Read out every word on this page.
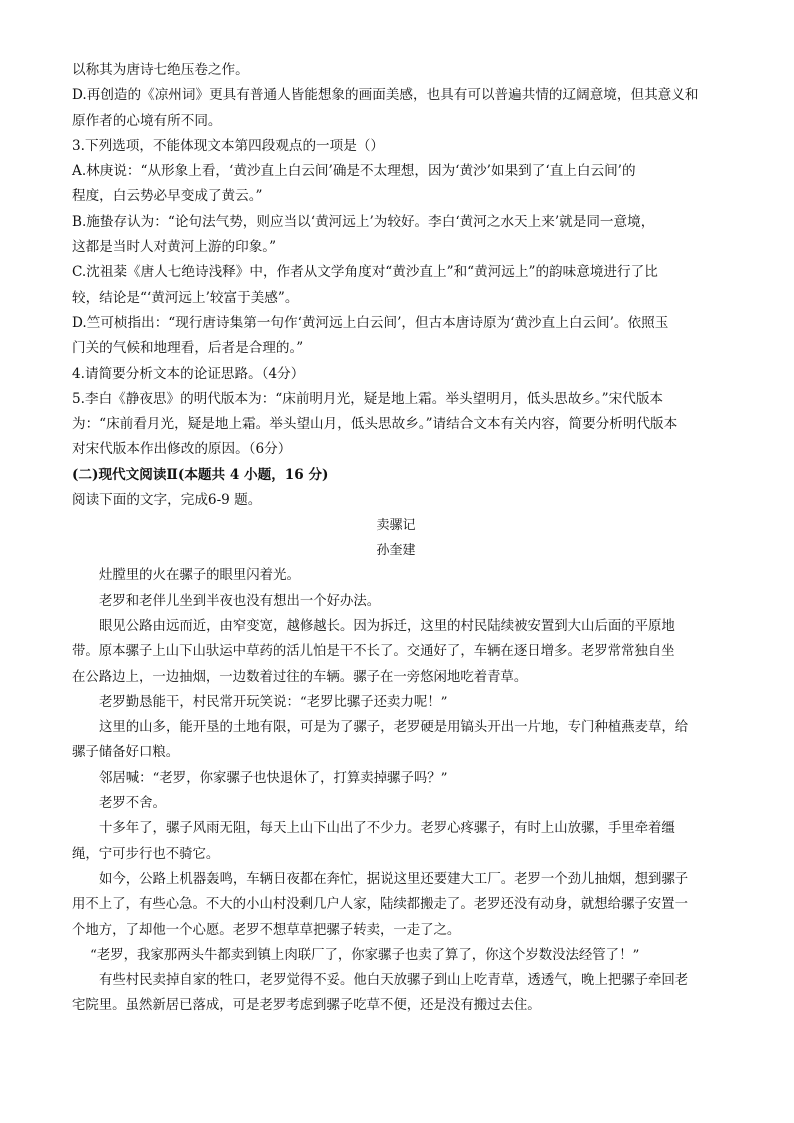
以称其为唐诗七绝压卷之作。

D.再创造的《凉州词》更具有普通人皆能想象的画面美感，也具有可以普遍共情的辽阔意境，但其意义和

原作者的心境有所不同。

3.下列选项，不能体现文本第四段观点的一项是（）

A.林庚说：“从形象上看，‘黄沙直上白云间’确是不太理想，因为‘黄沙’如果到了‘直上白云间’的

程度，白云势必早变成了黄云。”

B.施蛰存认为：“论句法气势，则应当以‘黄河远上’为较好。李白‘黄河之水天上来’就是同一意境，

这都是当时人对黄河上游的印象。”

C.沈祖棻《唐人七绝诗浅释》中，作者从文学角度对“黄沙直上”和“黄河远上”的韵味意境进行了比

较，结论是“‘黄河远上’较富于美感”。

D.竺可桢指出：“现行唐诗集第一句作‘黄河远上白云间’，但古本唐诗原为‘黄沙直上白云间’。依照玉

门关的气候和地理看，后者是合理的。”

4.请简要分析文本的论证思路。（4分）

5.李白《静夜思》的明代版本为：“床前明月光，疑是地上霜。举头望明月，低头思故乡。”宋代版本

为：“床前看月光，疑是地上霜。举头望山月，低头思故乡。”请结合文本有关内容，简要分析明代版本

对宋代版本作出修改的原因。（6分）

(二)现代文阅读Ⅱ(本题共 4 小题，16 分)

阅读下面的文字，完成6-9 题。

卖骡记

孙奎建

灶膛里的火在骡子的眼里闪着光。

老罗和老伴儿坐到半夜也没有想出一个好办法。

眼见公路由远而近，由窄变宽，越修越长。因为拆迁，这里的村民陆续被安置到大山后面的平原地

带。原本骡子上山下山驮运中草药的活儿怕是干不长了。交通好了，车辆在逐日增多。老罗常常独自坐

在公路边上，一边抽烟，一边数着过往的车辆。骡子在一旁悠闲地吃着青草。

老罗勤恳能干，村民常开玩笑说：“老罗比骡子还卖力呢！”

这里的山多，能开垦的土地有限，可是为了骡子，老罗硬是用镐头开出一片地，专门种植燕麦草，给

骡子储备好口粮。

邻居喊：“老罗，你家骡子也快退休了，打算卖掉骡子吗？”

老罗不舍。

十多年了，骡子风雨无阻，每天上山下山出了不少力。老罗心疼骡子，有时上山放骡，手里牵着缰

绳，宁可步行也不骑它。

如今，公路上机器轰鸣，车辆日夜都在奔忙，据说这里还要建大工厂。老罗一个劲儿抽烟，想到骡子

用不上了，有些心急。不大的小山村没剩几户人家，陆续都搬走了。老罗还没有动身，就想给骡子安置一

个地方，了却他一个心愿。老罗不想草草把骡子转卖，一走了之。

“老罗，我家那两头牛都卖到镇上肉联厂了，你家骡子也卖了算了，你这个岁数没法经管了！”

有些村民卖掉自家的牲口，老罗觉得不妥。他白天放骡子到山上吃青草，透透气，晚上把骡子牵回老

宅院里。虽然新居已落成，可是老罗考虑到骡子吃草不便，还是没有搬过去住。
